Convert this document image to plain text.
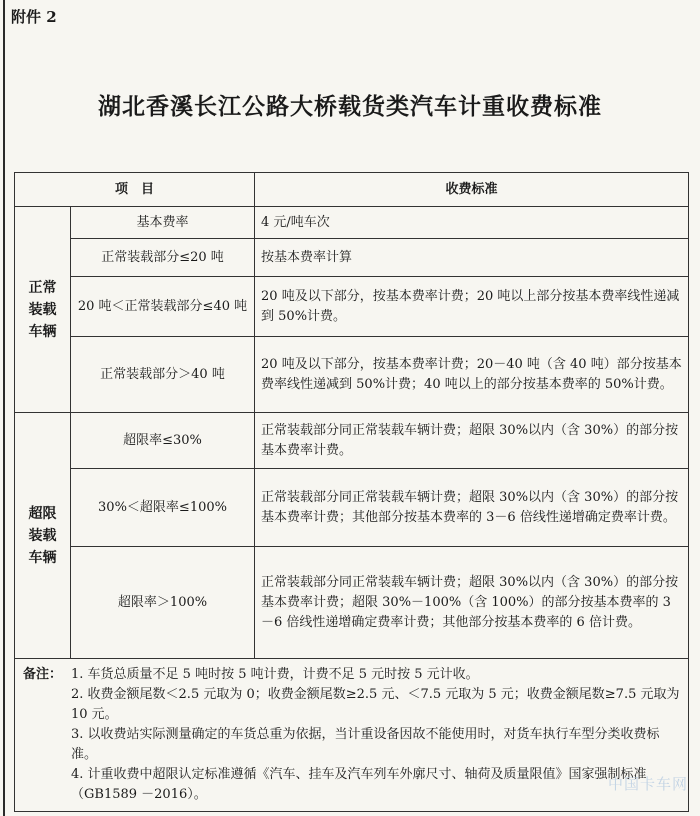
附件 2
湖北香溪长江公路大桥载货类汽车计重收费标准
项　目		收费标准
正常
装载
车辆	基本费率	4 元/吨车次
	正常装载部分≤20 吨	按基本费率计算
	20 吨＜正常装载部分≤40 吨	20 吨及以下部分，按基本费率计费；20 吨以上部分按基本费率线性递减到 50%计费。
	正常装载部分＞40 吨	20 吨及以下部分，按基本费率计费；20－40 吨（含 40 吨）部分按基本费率线性递减到 50%计费；40 吨以上的部分按基本费率的 50%计费。
超限
装载
车辆	超限率≤30%	正常装载部分同正常装载车辆计费；超限 30%以内（含 30%）的部分按基本费率计费。
	30%＜超限率≤100%	正常装载部分同正常装载车辆计费；超限 30%以内（含 30%）的部分按基本费率计费；其他部分按基本费率的 3－6 倍线性递增确定费率计费。
	超限率＞100%	正常装载部分同正常装载车辆计费；超限 30%以内（含 30%）的部分按基本费率计费；超限 30%－100%（含 100%）的部分按基本费率的 3－6 倍线性递增确定费率计费；其他部分按基本费率的 6 倍计费。

备注： 1. 车货总质量不足 5 吨时按 5 吨计费，计费不足 5 元时按 5 元计收。
2. 收费金额尾数＜2.5 元取为 0；收费金额尾数≥2.5 元、＜7.5 元取为 5 元；收费金额尾数≥7.5 元取为 10 元。
3. 以收费站实际测量确定的车货总重为依据，当计重设备因故不能使用时，对货车执行车型分类收费标准。
4. 计重收费中超限认定标准遵循《汽车、挂车及汽车列车外廓尺寸、轴荷及质量限值》国家强制标准（GB1589 －2016）。		
中国卡车网
